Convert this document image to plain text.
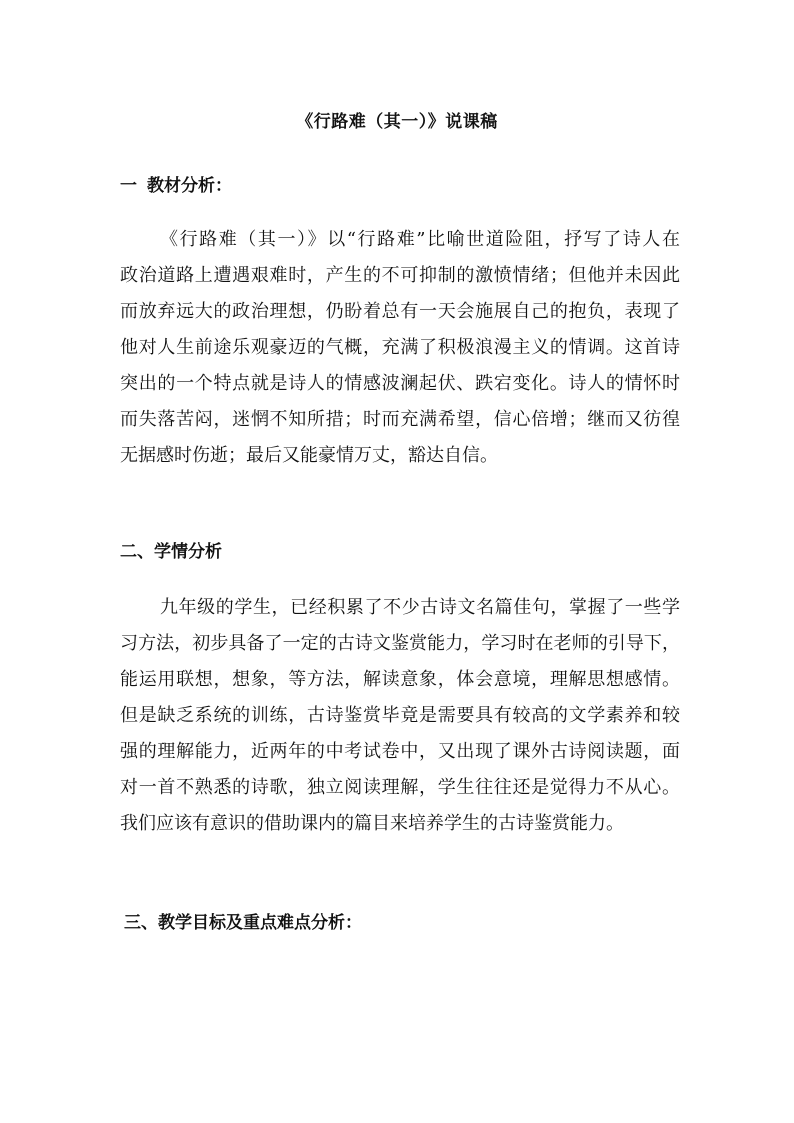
《行路难（其一）》说课稿
一 教材分析：
《行路难（其一）》以“行路难”比喻世道险阻，抒写了诗人在
政治道路上遭遇艰难时，产生的不可抑制的激愤情绪；但他并未因此
而放弃远大的政治理想，仍盼着总有一天会施展自己的抱负，表现了
他对人生前途乐观豪迈的气概，充满了积极浪漫主义的情调。这首诗
突出的一个特点就是诗人的情感波澜起伏、跌宕变化。诗人的情怀时
而失落苦闷，迷惘不知所措；时而充满希望，信心倍增；继而又彷徨
无据感时伤逝；最后又能豪情万丈，豁达自信。
二、学情分析
九年级的学生，已经积累了不少古诗文名篇佳句，掌握了一些学
习方法，初步具备了一定的古诗文鉴赏能力，学习时在老师的引导下，
能运用联想，想象，等方法，解读意象，体会意境，理解思想感情。
但是缺乏系统的训练，古诗鉴赏毕竟是需要具有较高的文学素养和较
强的理解能力，近两年的中考试卷中，又出现了课外古诗阅读题，面
对一首不熟悉的诗歌，独立阅读理解，学生往往还是觉得力不从心。
我们应该有意识的借助课内的篇目来培养学生的古诗鉴赏能力。
三、教学目标及重点难点分析：
